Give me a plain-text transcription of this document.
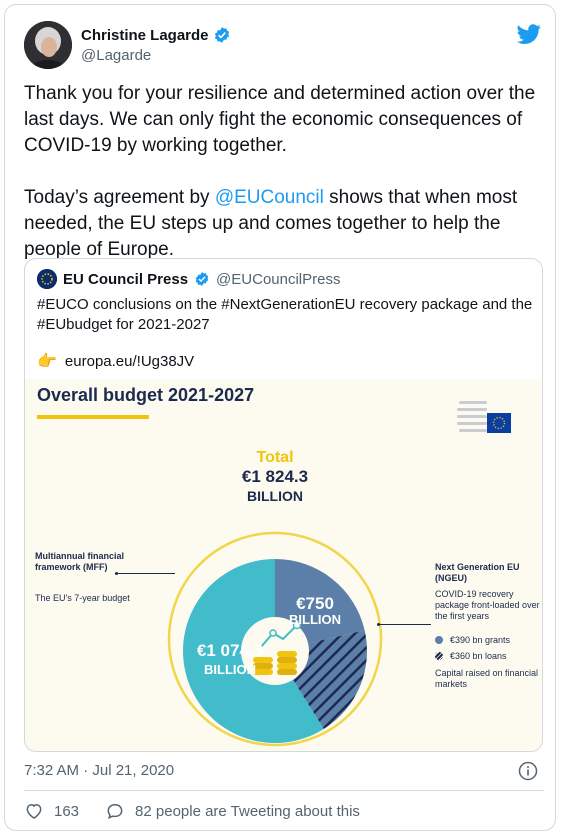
Christine Lagarde
@Lagarde

Thank you for your resilience and determined action over the last days. We can only fight the economic consequences of COVID-19 by working together.

Today’s agreement by @EUCouncil shows that when most needed, the EU steps up and comes together to help the people of Europe.

EU Council Press @EUCouncilPress
#EUCO conclusions on the #NextGenerationEU recovery package and the #EUbudget for 2021-2027
👉 europa.eu/!Ug38JV
Overall budget 2021-2027
Total
€1 824.3
BILLION
€750
BILLION
€1 074.3
BILLION
Multiannual financial framework (MFF)
The EU's 7-year budget
Next Generation EU (NGEU)
COVID-19 recovery package front-loaded over the first years
€390 bn grants
€360 bn loans
Capital raised on financial markets
7:32 AM · Jul 21, 2020
163	82 people are Tweeting about this
